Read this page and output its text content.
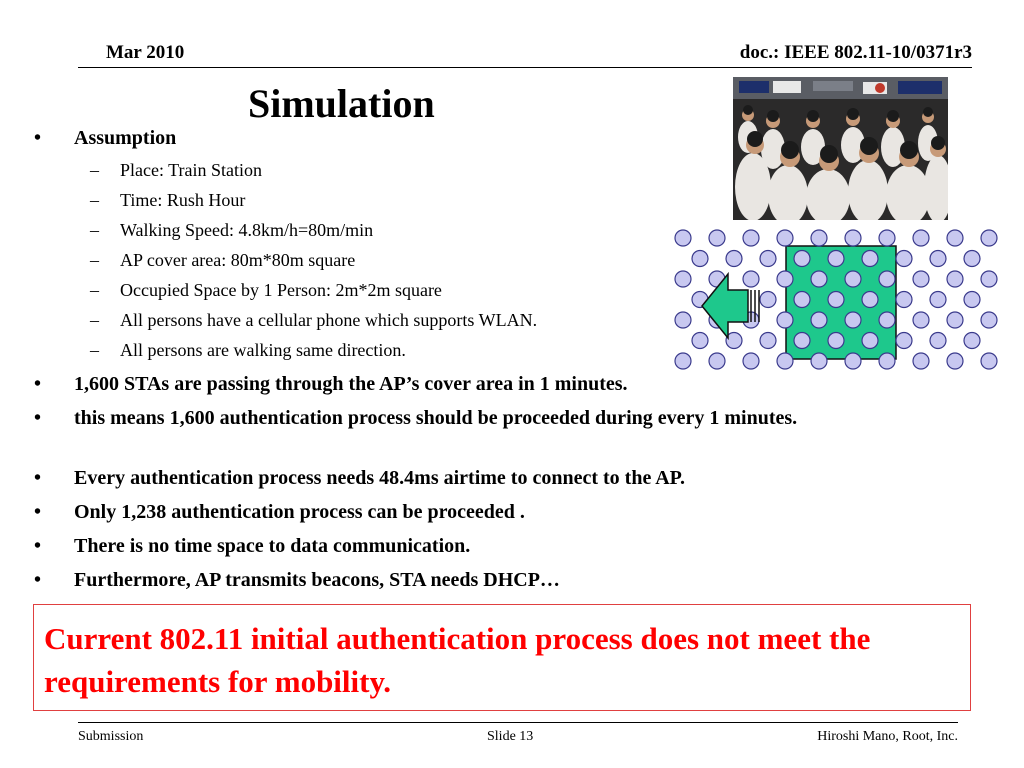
Mar 2010	doc.: IEEE 802.11-10/0371r3
Simulation
• Assumption
– Place: Train Station
– Time: Rush Hour
– Walking Speed: 4.8km/h=80m/min
– AP cover area: 80m*80m square
– Occupied Space by 1 Person: 2m*2m square
– All persons have a cellular phone which supports WLAN.
– All persons are walking same direction.
• 1,600 STAs are passing through the AP’s cover area in 1 minutes.
• this means 1,600 authentication process should be proceeded during every 1 minutes.
• Every authentication process needs 48.4ms airtime to connect to the AP.
• Only 1,238 authentication process can be proceeded .
• There is no time space to data communication.
• Furthermore, AP transmits beacons, STA needs DHCP…
Current 802.11 initial authentication process does not meet the requirements for mobility.
Submission	Slide 13	Hiroshi Mano, Root, Inc.
